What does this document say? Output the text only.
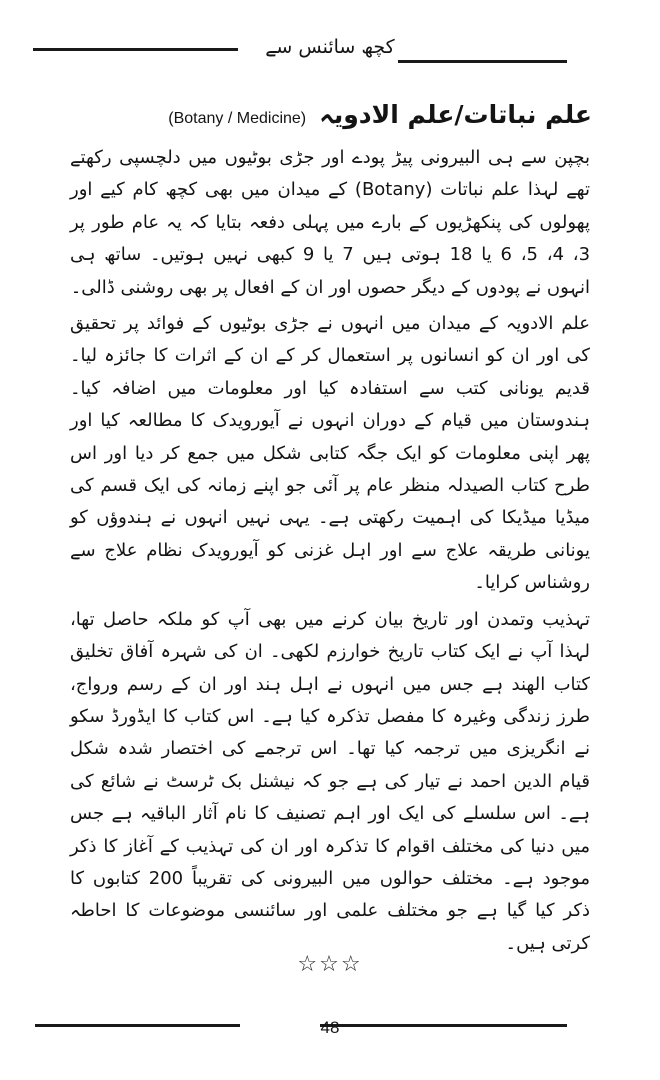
کچھ سائنس سے
علم نباتات/علم الادویہ (Botany / Medicine)

بچپن سے ہی البیرونی پیڑ پودے اور جڑی بوٹیوں میں دلچسپی رکھتے تھے لہذا علم نباتات (Botany) کے میدان میں بھی کچھ کام کیے اور پھولوں کی پنکھڑیوں کے بارے میں پہلی دفعہ بتایا کہ یہ عام طور پر 3، 4، 5، 6 یا 18 ہوتی ہیں 7 یا 9 کبھی نہیں ہوتیں۔ ساتھ ہی انہوں نے پودوں کے دیگر حصوں اور ان کے افعال پر بھی روشنی ڈالی۔

علم الادویہ کے میدان میں انہوں نے جڑی بوٹیوں کے فوائد پر تحقیق کی اور ان کو انسانوں پر استعمال کر کے ان کے اثرات کا جائزہ لیا۔ قدیم یونانی کتب سے استفادہ کیا اور معلومات میں اضافہ کیا۔ ہندوستان میں قیام کے دوران انہوں نے آیورویدک کا مطالعہ کیا اور پھر اپنی معلومات کو ایک جگہ کتابی شکل میں جمع کر دیا اور اس طرح کتاب الصیدلہ منظر عام پر آئی جو اپنے زمانہ کی ایک قسم کی میڈیا میڈیکا کی اہمیت رکھتی ہے۔ یہی نہیں انہوں نے ہندوؤں کو یونانی طریقہ علاج سے اور اہل غزنی کو آیورویدک نظام علاج سے روشناس کرایا۔

تہذیب وتمدن اور تاریخ بیان کرنے میں بھی آپ کو ملکہ حاصل تھا، لہذا آپ نے ایک کتاب تاریخ خوارزم لکھی۔ ان کی شہرہ آفاق تخلیق کتاب الھند ہے جس میں انہوں نے اہل ہند اور ان کے رسم ورواج، طرز زندگی وغیرہ کا مفصل تذکرہ کیا ہے۔ اس کتاب کا ایڈورڈ سکو نے انگریزی میں ترجمہ کیا تھا۔ اس ترجمے کی اختصار شدہ شکل قیام الدین احمد نے تیار کی ہے جو کہ نیشنل بک ٹرسٹ نے شائع کی ہے۔ اس سلسلے کی ایک اور اہم تصنیف کا نام آثار الباقیہ ہے جس میں دنیا کی مختلف اقوام کا تذکرہ اور ان کی تہذیب کے آغاز کا ذکر موجود ہے۔ مختلف حوالوں میں البیرونی کی تقریباً 200 کتابوں کا ذکر کیا گیا ہے جو مختلف علمی اور سائنسی موضوعات کا احاطہ کرتی ہیں۔

☆☆☆
48
